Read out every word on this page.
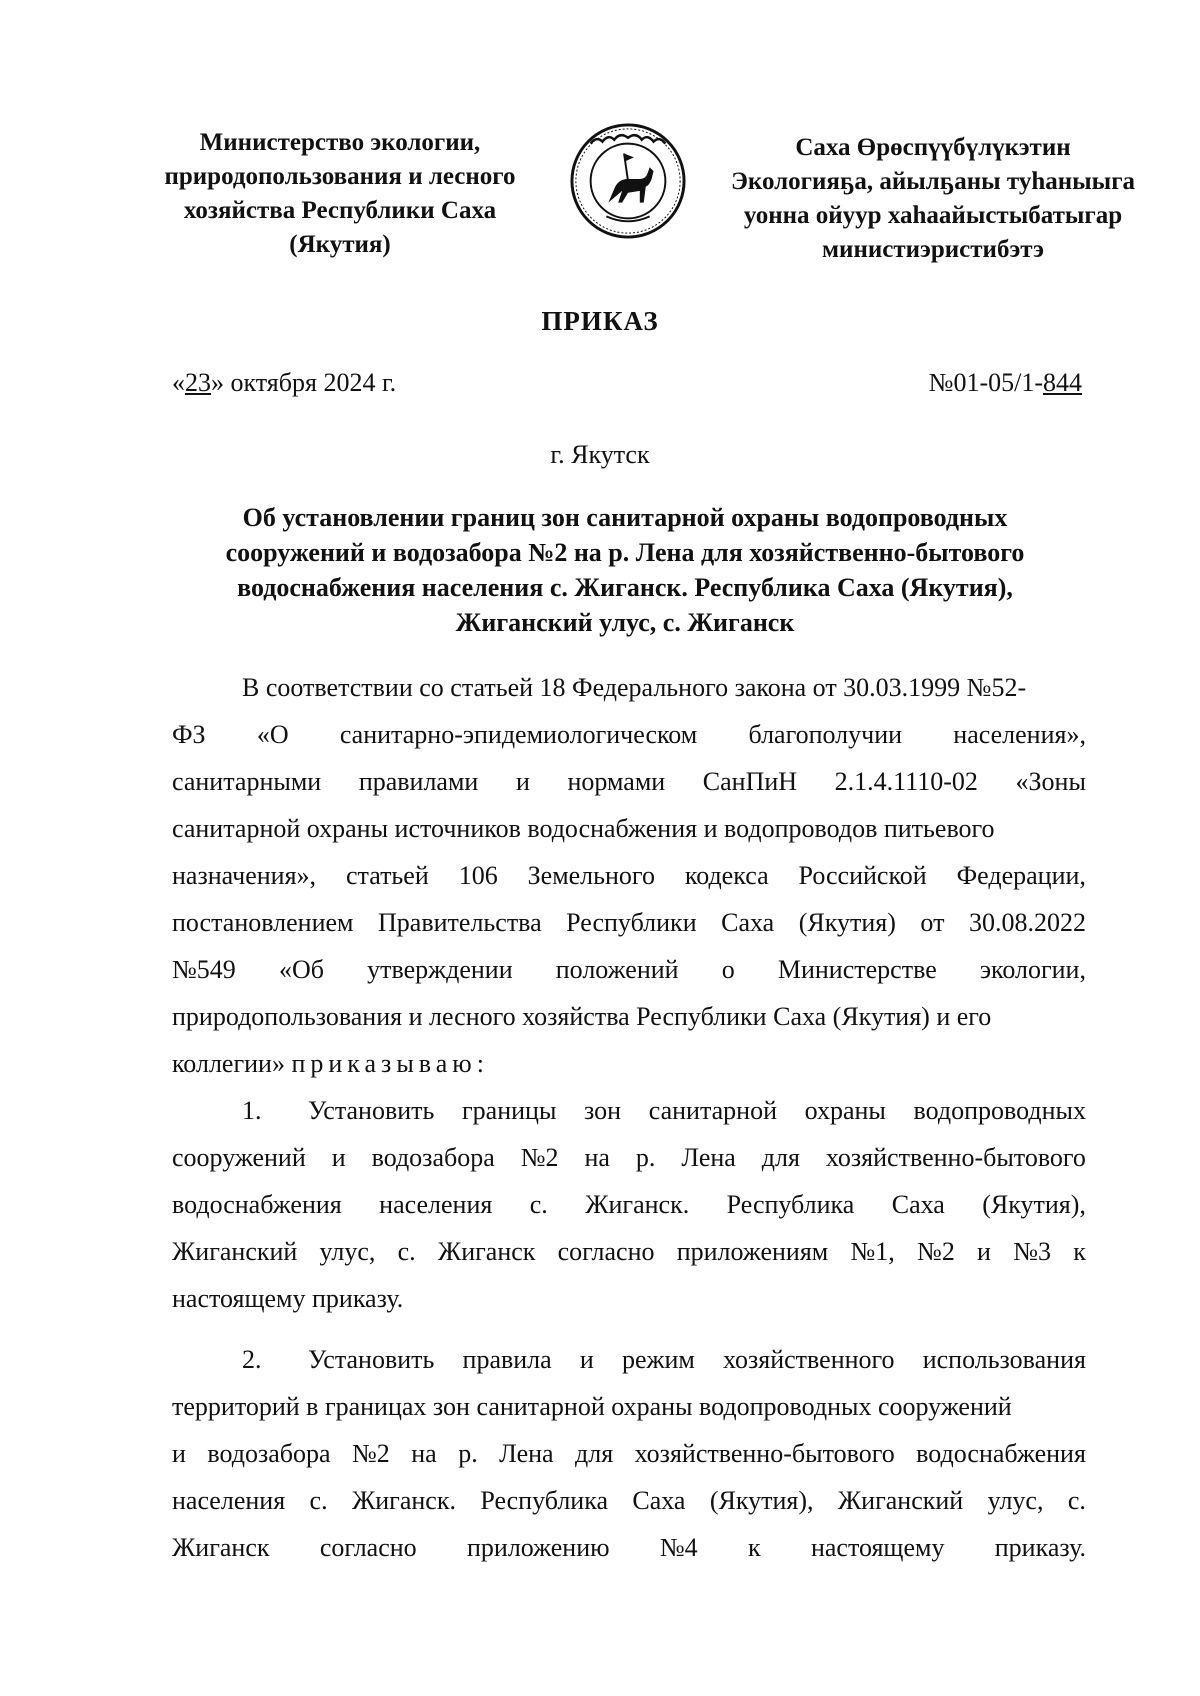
Министерство экологии,
природопользования и лесного
хозяйства Республики Саха
(Якутия)
Саха Өрөспүүбүлүкэтин
Экологияҕа, айылҕаны туһаныыга
уонна ойуур хаһаайыстыбатыгар
министиэристибэтэ
ПРИКАЗ
«23» октября 2024 г.	№01-05/1-844
г. Якутск
Об установлении границ зон санитарной охраны водопроводных
сооружений и водозабора №2 на р. Лена для хозяйственно-бытового
водоснабжения населения с. Жиганск. Республика Саха (Якутия),
Жиганский улус, с. Жиганск
В соответствии со статьей 18 Федерального закона от 30.03.1999 №52-
ФЗ «О санитарно-эпидемиологическом благополучии населения»,
санитарными правилами и нормами СанПиН 2.1.4.1110-02 «Зоны
санитарной охраны источников водоснабжения и водопроводов питьевого
назначения», статьей 106 Земельного кодекса Российской Федерации,
постановлением Правительства Республики Саха (Якутия) от 30.08.2022
№549 «Об утверждении положений о Министерстве экологии,
природопользования и лесного хозяйства Республики Саха (Якутия) и его
коллегии»
приказываю:
1.	Установить границы зон санитарной охраны водопроводных
сооружений и водозабора №2 на р. Лена для хозяйственно-бытового
водоснабжения населения с. Жиганск. Республика Саха (Якутия),
Жиганский улус, с. Жиганск согласно приложениям №1, №2 и №3 к
настоящему приказу.
2.	Установить правила и режим хозяйственного использования
территорий в границах зон санитарной охраны водопроводных сооружений
и водозабора №2 на р. Лена для хозяйственно-бытового водоснабжения
населения с. Жиганск. Республика Саха (Якутия), Жиганский улус, с.
Жиганск согласно приложению №4 к настоящему приказу.
